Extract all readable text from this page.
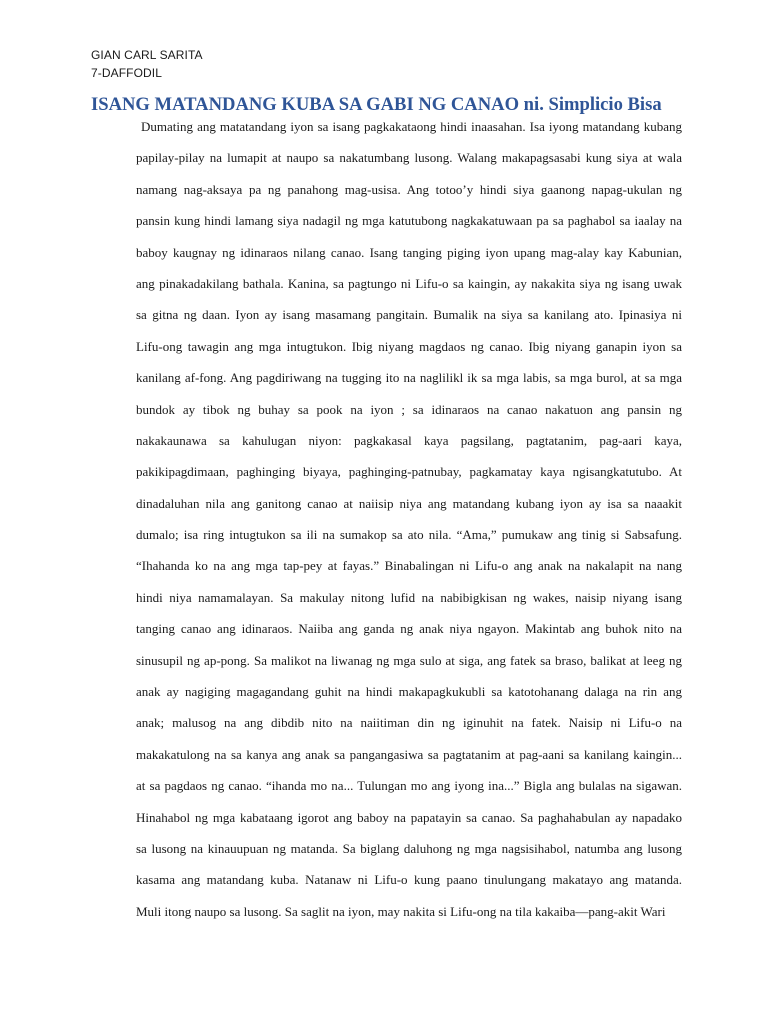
GIAN CARL SARITA
7-DAFFODIL
ISANG MATANDANG KUBA SA GABI NG CANAO ni. Simplicio Bisa
Dumating ang matatandang iyon sa isang pagkakataong hindi inaasahan. Isa iyong matandang kubang
papilay-pilay na lumapit at naupo sa nakatumbang lusong. Walang makapagsasabi kung siya at wala
namang nag-aksaya pa ng panahong mag-usisa. Ang totoo’y hindi siya gaanong napag-ukulan ng
pansin kung hindi lamang siya nadagil ng mga katutubong nagkakatuwaan pa sa paghabol sa iaalay na
baboy kaugnay ng idinaraos nilang canao. Isang tanging piging iyon upang mag-alay kay Kabunian,
ang pinakadakilang bathala. Kanina, sa pagtungo ni Lifu-o sa kaingin, ay nakakita siya ng isang uwak
sa gitna ng daan. Iyon ay isang masamang pangitain. Bumalik na siya sa kanilang ato. Ipinasiya ni
Lifu-ong tawagin ang mga intugtukon. Ibig niyang magdaos ng canao. Ibig niyang ganapin iyon sa
kanilang af-fong. Ang pagdiriwang na tugging ito na naglilikl ik sa mga labis, sa mga burol, at sa mga
bundok ay tibok ng buhay sa pook na iyon ; sa idinaraos na canao nakatuon ang pansin ng
nakakaunawa sa kahulugan niyon: pagkakasal kaya pagsilang, pagtatanim, pag-aari kaya,
pakikipagdimaan, paghinging biyaya, paghinging-patnubay, pagkamatay kaya ngisangkatutubo. At
dinadaluhan nila ang ganitong canao at naiisip niya ang matandang kubang iyon ay isa sa naaakit
dumalo; isa ring intugtukon sa ili na sumakop sa ato nila. “Ama,” pumukaw ang tinig si Sabsafung.
“Ihahanda ko na ang mga tap-pey at fayas.” Binabalingan ni Lifu-o ang anak na nakalapit na nang
hindi niya namamalayan. Sa makulay nitong lufid na nabibigkisan ng wakes, naisip niyang isang
tanging canao ang idinaraos. Naiiba ang ganda ng anak niya ngayon. Makintab ang buhok nito na
sinusupil ng ap-pong. Sa malikot na liwanag ng mga sulo at siga, ang fatek sa braso, balikat at leeg ng
anak ay nagiging magagandang guhit na hindi makapagkukubli sa katotohanang dalaga na rin ang
anak; malusog na ang dibdib nito na naiitiman din ng iginuhit na fatek. Naisip ni Lifu-o na
makakatulong na sa kanya ang anak sa pangangasiwa sa pagtatanim at pag-aani sa kanilang kaingin...
at sa pagdaos ng canao. “ihanda mo na... Tulungan mo ang iyong ina...” Bigla ang bulalas na sigawan.
Hinahabol ng mga kabataang igorot ang baboy na papatayin sa canao. Sa paghahabulan ay napadako
sa lusong na kinauupuan ng matanda. Sa biglang daluhong ng mga nagsisihabol, natumba ang lusong
kasama ang matandang kuba. Natanaw ni Lifu-o kung paano tinulungang makatayo ang matanda.
Muli itong naupo sa lusong. Sa saglit na iyon, may nakita si Lifu-ong na tila kakaiba—pang-akit Wari
